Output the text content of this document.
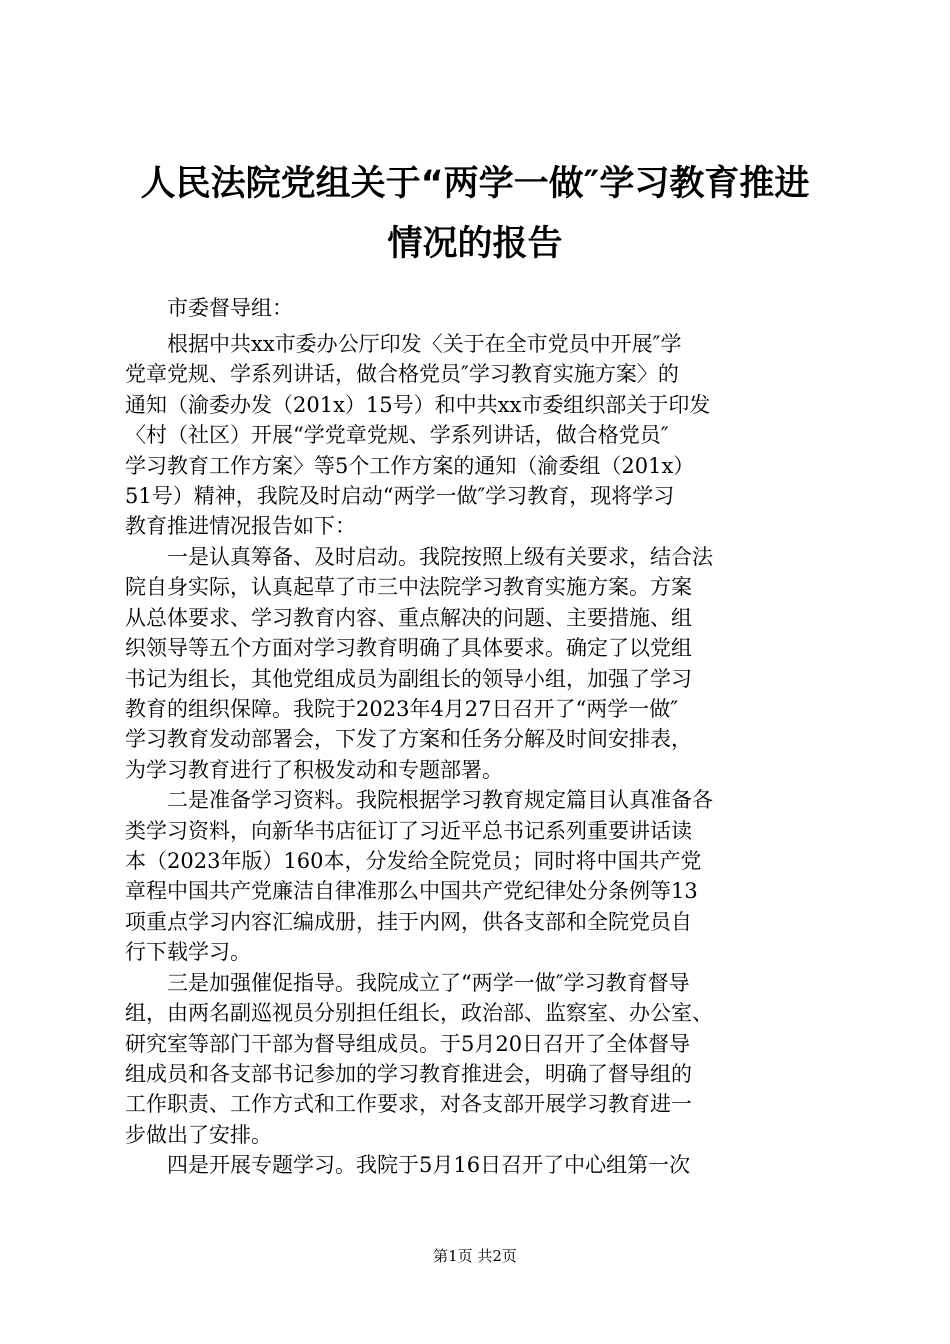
人民法院党组关于“两学一做″学习教育推进
情况的报告

　　市委督导组：

　　根据中共xx市委办公厅印发〈关于在全市党员中开展″学

党章党规、学系列讲话，做合格党员″学习教育实施方案〉的

通知（渝委办发（201x）15号）和中共xx市委组织部关于印发

〈村（社区）开展“学党章党规、学系列讲话，做合格党员″

学习教育工作方案〉等5个工作方案的通知（渝委组（201x）

51号）精神，我院及时启动“两学一做″学习教育，现将学习

教育推进情况报告如下：

　　一是认真筹备、及时启动。我院按照上级有关要求，结合法

院自身实际，认真起草了市三中法院学习教育实施方案。方案

从总体要求、学习教育内容、重点解决的问题、主要措施、组

织领导等五个方面对学习教育明确了具体要求。确定了以党组

书记为组长，其他党组成员为副组长的领导小组，加强了学习

教育的组织保障。我院于2023年4月27日召开了“两学一做″

学习教育发动部署会，下发了方案和任务分解及时间安排表，

为学习教育进行了积极发动和专题部署。

　　二是准备学习资料。我院根据学习教育规定篇目认真准备各

类学习资料，向新华书店征订了习近平总书记系列重要讲话读

本（2023年版）160本，分发给全院党员；同时将中国共产党

章程中国共产党廉洁自律准那么中国共产党纪律处分条例等13

项重点学习内容汇编成册，挂于内网，供各支部和全院党员自

行下载学习。

　　三是加强催促指导。我院成立了“两学一做″学习教育督导

组，由两名副巡视员分别担任组长，政治部、监察室、办公室、

研究室等部门干部为督导组成员。于5月20日召开了全体督导

组成员和各支部书记参加的学习教育推进会，明确了督导组的

工作职责、工作方式和工作要求，对各支部开展学习教育进一

步做出了安排。

　　四是开展专题学习。我院于5月16日召开了中心组第一次

第1页 共2页
